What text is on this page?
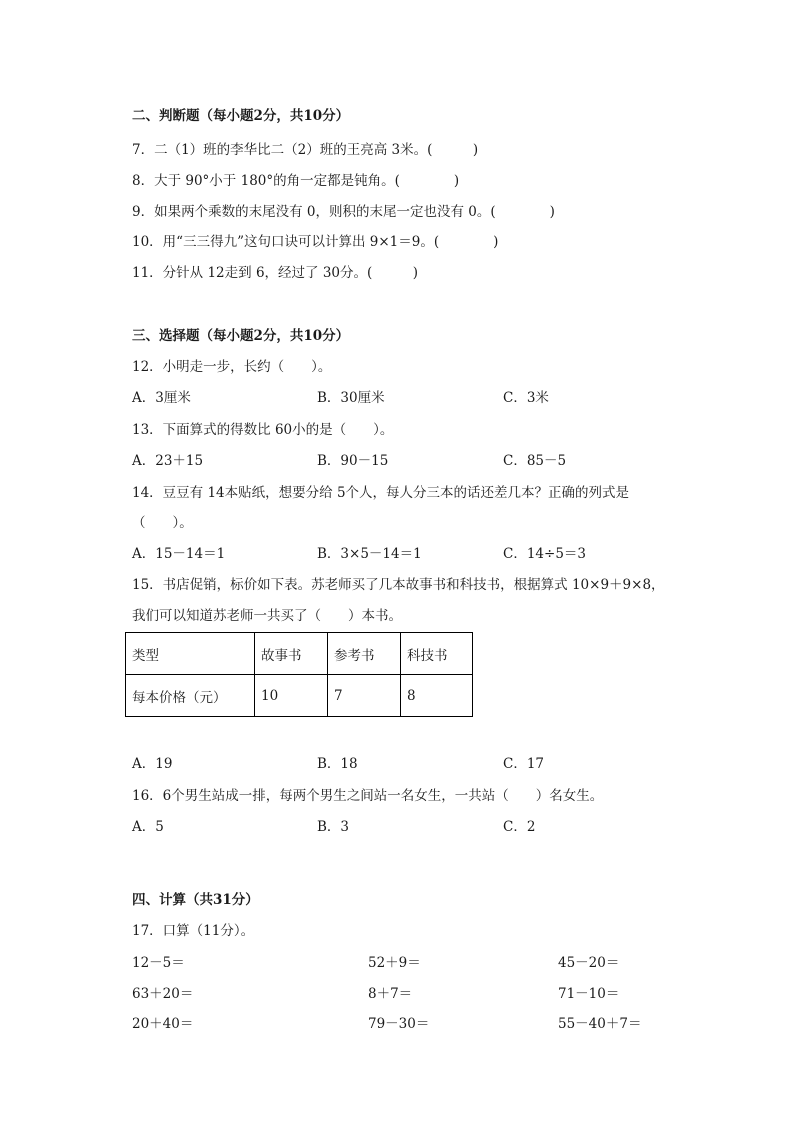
二、判断题（每小题2分，共10分）
7．二（1）班的李华比二（2）班的王亮高 3米。(　　　)
8．大于 90°小于 180°的角一定都是钝角。(　　　　)
9．如果两个乘数的末尾没有 0，则积的末尾一定也没有 0。(　　　　)
10．用“三三得九”这句口诀可以计算出 9×1＝9。(　　　　)
11．分针从 12走到 6，经过了 30分。(　　　)
三、选择题（每小题2分，共10分）
12．小明走一步，长约（　　）。
A．3厘米	B．30厘米	C．3米
13．下面算式的得数比 60小的是（　　）。
A．23＋15	B．90－15	C．85－5
14．豆豆有 14本贴纸，想要分给 5个人，每人分三本的话还差几本？正确的列式是
（　　）。
A．15－14＝1	B．3×5－14＝1	C．14÷5＝3
15．书店促销，标价如下表。苏老师买了几本故事书和科技书，根据算式 10×9＋9×8，
我们可以知道苏老师一共买了（　　）本书。
类型	故事书	参考书	科技书
每本价格（元）	10	7	8
A．19	B．18	C．17
16．6个男生站成一排，每两个男生之间站一名女生，一共站（　　）名女生。
A．5	B．3	C．2
四、计算（共31分）
17．口算（11分）。
12－5＝	52＋9＝	45－20＝
63＋20＝	8＋7＝	71－10＝
20＋40＝	79－30＝	55－40＋7＝
